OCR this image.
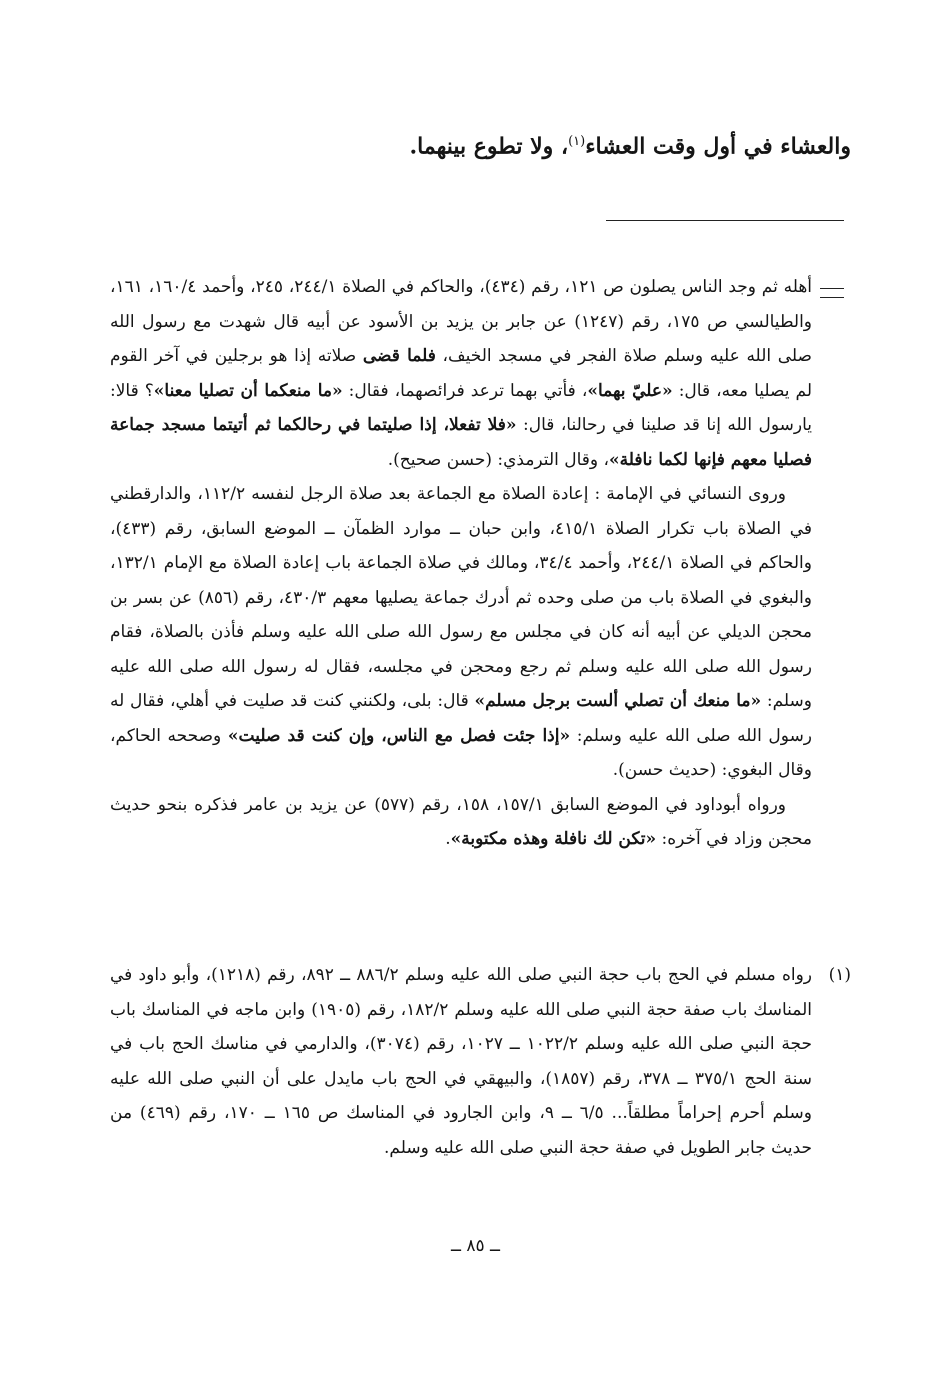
والعشاء في أول وقت العشاء$^{(١)}$، ولا تطوع بينهما.

أهله ثم وجد الناس يصلون ص ١٢١، رقم (٤٣٤)، والحاكم في الصلاة ٢٤٤/١، ٢٤٥، وأحمد ١٦٠/٤، ١٦١، والطيالسي ص ١٧٥، رقم (١٢٤٧) عن جابر بن يزيد بن الأسود عن أبيه قال شهدت مع رسول الله صلى الله عليه وسلم صلاة الفجر في مسجد الخيف، فلما قضى صلاته إذا هو برجلين في آخر القوم لم يصليا معه، قال: «عليّ بهما»، فأتي بهما ترعد فرائصهما، فقال: «ما منعكما أن تصليا معنا»؟ قالا: يارسول الله إنا قد صلينا في رحالنا، قال: «فلا تفعلا، إذا صليتما في رحالكما ثم أتيتما مسجد جماعة فصليا معهم فإنها لكما نافلة»، وقال الترمذي: (حسن صحيح).

وروى النسائي في الإمامة : إعادة الصلاة مع الجماعة بعد صلاة الرجل لنفسه ١١٢/٢، والدارقطني في الصلاة باب تكرار الصلاة ٤١٥/١، وابن حبان ــ موارد الظمآن ــ الموضع السابق، رقم (٤٣٣)، والحاكم في الصلاة ٢٤٤/١، وأحمد ٣٤/٤، ومالك في صلاة الجماعة باب إعادة الصلاة مع الإمام ١٣٢/١، والبغوي في الصلاة باب من صلى وحده ثم أدرك جماعة يصليها معهم ٤٣٠/٣، رقم (٨٥٦) عن بسر بن محجن الديلي عن أبيه أنه كان في مجلس مع رسول الله صلى الله عليه وسلم فأذن بالصلاة، فقام رسول الله صلى الله عليه وسلم ثم رجع ومحجن في مجلسه، فقال له رسول الله صلى الله عليه وسلم: «ما منعك أن تصلي ألست برجل مسلم» قال: بلى، ولكنني كنت قد صليت في أهلي، فقال له رسول الله صلى الله عليه وسلم: «إذا جئت فصل مع الناس، وإن كنت قد صليت» وصححه الحاكم، وقال البغوي: (حديث حسن).

ورواه أبوداود في الموضع السابق ١٥٧/١، ١٥٨، رقم (٥٧٧) عن يزيد بن عامر فذكره بنحو حديث محجن وزاد في آخره: «تكن لك نافلة وهذه مكتوبة».

(١)

رواه مسلم في الحج باب حجة النبي صلى الله عليه وسلم ٨٨٦/٢ ــ ٨٩٢، رقم (١٢١٨)، وأبو داود في المناسك باب صفة حجة النبي صلى الله عليه وسلم ١٨٢/٢، رقم (١٩٠٥) وابن ماجه في المناسك باب حجة النبي صلى الله عليه وسلم ١٠٢٢/٢ ــ ١٠٢٧، رقم (٣٠٧٤)، والدارمي في مناسك الحج باب في سنة الحج ٣٧٥/١ ــ ٣٧٨، رقم (١٨٥٧)، والبيهقي في الحج باب مايدل على أن النبي صلى الله عليه وسلم أحرم إحراماً مطلقاً... ٦/٥ ــ ٩، وابن الجارود في المناسك ص ١٦٥ ــ ١٧٠، رقم (٤٦٩) من حديث جابر الطويل في صفة حجة النبي صلى الله عليه وسلم.

ــ ٨٥ ــ
